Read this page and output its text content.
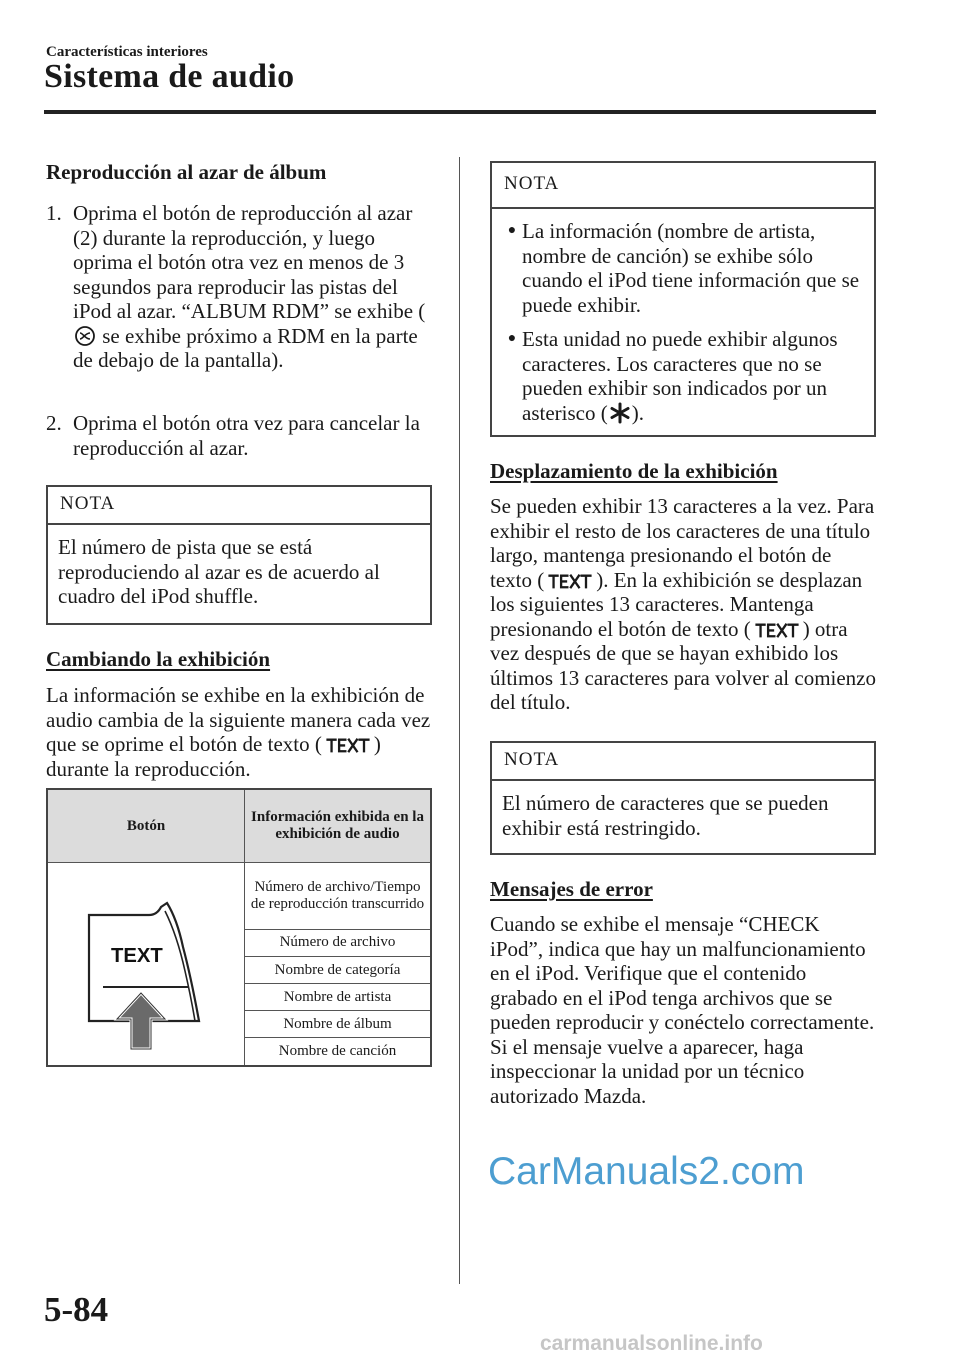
Características interiores
Sistema de audio
Reproducción al azar de álbum
1. Oprima el botón de reproducción al azar (2) durante la reproducción, y luego oprima el botón otra vez en menos de 3 segundos para reproducir las pistas del iPod al azar. “ALBUM RDM” se exhibe ( se exhibe próximo a RDM en la parte de debajo de la pantalla).
2. Oprima el botón otra vez para cancelar la reproducción al azar.
NOTA
El número de pista que se está reproduciendo al azar es de acuerdo al cuadro del iPod shuffle.
Cambiando la exhibición
La información se exhibe en la exhibición de audio cambia de la siguiente manera cada vez que se oprime el botón de texto ( ) durante la reproducción.
Botón	Información exhibida en la exhibición de audio

TEXT	Número de archivo/Tiempo de reproducción transcurrido
	Número de archivo
	Nombre de categoría
	Nombre de artista
	Nombre de álbum
	Nombre de canción
NOTA
● La información (nombre de artista, nombre de canción) se exhibe sólo cuando el iPod tiene información que se puede exhibir.
● Esta unidad no puede exhibir algunos caracteres. Los caracteres que no se pueden exhibir son indicados por un asterisco ( ).
Desplazamiento de la exhibición
Se pueden exhibir 13 caracteres a la vez. Para exhibir el resto de los caracteres de una título largo, mantenga presionando el botón de texto ( ). En la exhibición se desplazan los siguientes 13 caracteres. Mantenga presionando el botón de texto ( ) otra vez después de que se hayan exhibido los últimos 13 caracteres para volver al comienzo del título.
NOTA
El número de caracteres que se pueden exhibir está restringido.
Mensajes de error
Cuando se exhibe el mensaje “CHECK iPod”, indica que hay un malfuncionamiento en el iPod. Verifique que el contenido grabado en el iPod tenga archivos que se pueden reproducir y conéctelo correctamente. Si el mensaje vuelve a aparecer, haga inspeccionar la unidad por un técnico autorizado Mazda.
CarManuals2.com
5-84
carmanualsonline.info
